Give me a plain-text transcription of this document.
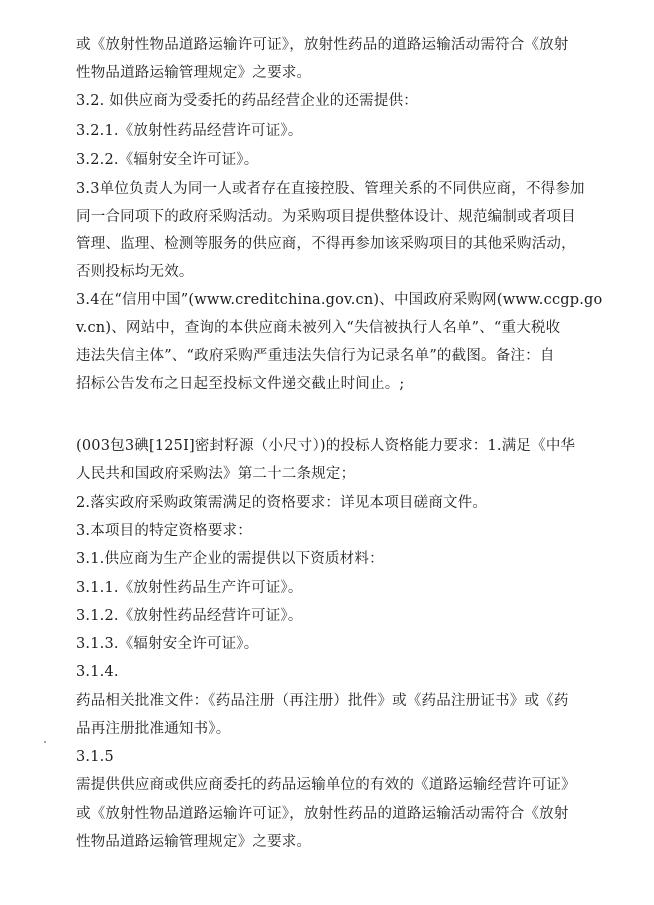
或《放射性物品道路运输许可证》，放射性药品的道路运输活动需符合《放射
性物品道路运输管理规定》之要求。
3.2. 如供应商为受委托的药品经营企业的还需提供：
3.2.1.《放射性药品经营许可证》。
3.2.2.《辐射安全许可证》。
3.3单位负责人为同一人或者存在直接控股、管理关系的不同供应商，不得参加
同一合同项下的政府采购活动。为采购项目提供整体设计、规范编制或者项目
管理、监理、检测等服务的供应商，不得再参加该采购项目的其他采购活动，
否则投标均无效。
3.4在“信用中国”(www.creditchina.gov.cn)、中国政府采购网(www.ccgp.go
v.cn)、网站中，查询的本供应商未被列入“失信被执行人名单”、“重大税收
违法失信主体”、“政府采购严重违法失信行为记录名单”的截图。备注：自
招标公告发布之日起至投标文件递交截止时间止。;
(003包3碘[125I]密封籽源（小尺寸）)的投标人资格能力要求：1.满足《中华
人民共和国政府采购法》第二十二条规定；
2.落实政府采购政策需满足的资格要求：详见本项目磋商文件。
3.本项目的特定资格要求：
3.1.供应商为生产企业的需提供以下资质材料：
3.1.1.《放射性药品生产许可证》。
3.1.2.《放射性药品经营许可证》。
3.1.3.《辐射安全许可证》。
3.1.4.
药品相关批准文件：《药品注册（再注册）批件》或《药品注册证书》或《药
品再注册批准通知书》。
3.1.5
需提供供应商或供应商委托的药品运输单位的有效的《道路运输经营许可证》
或《放射性物品道路运输许可证》，放射性药品的道路运输活动需符合《放射
性物品道路运输管理规定》之要求。
